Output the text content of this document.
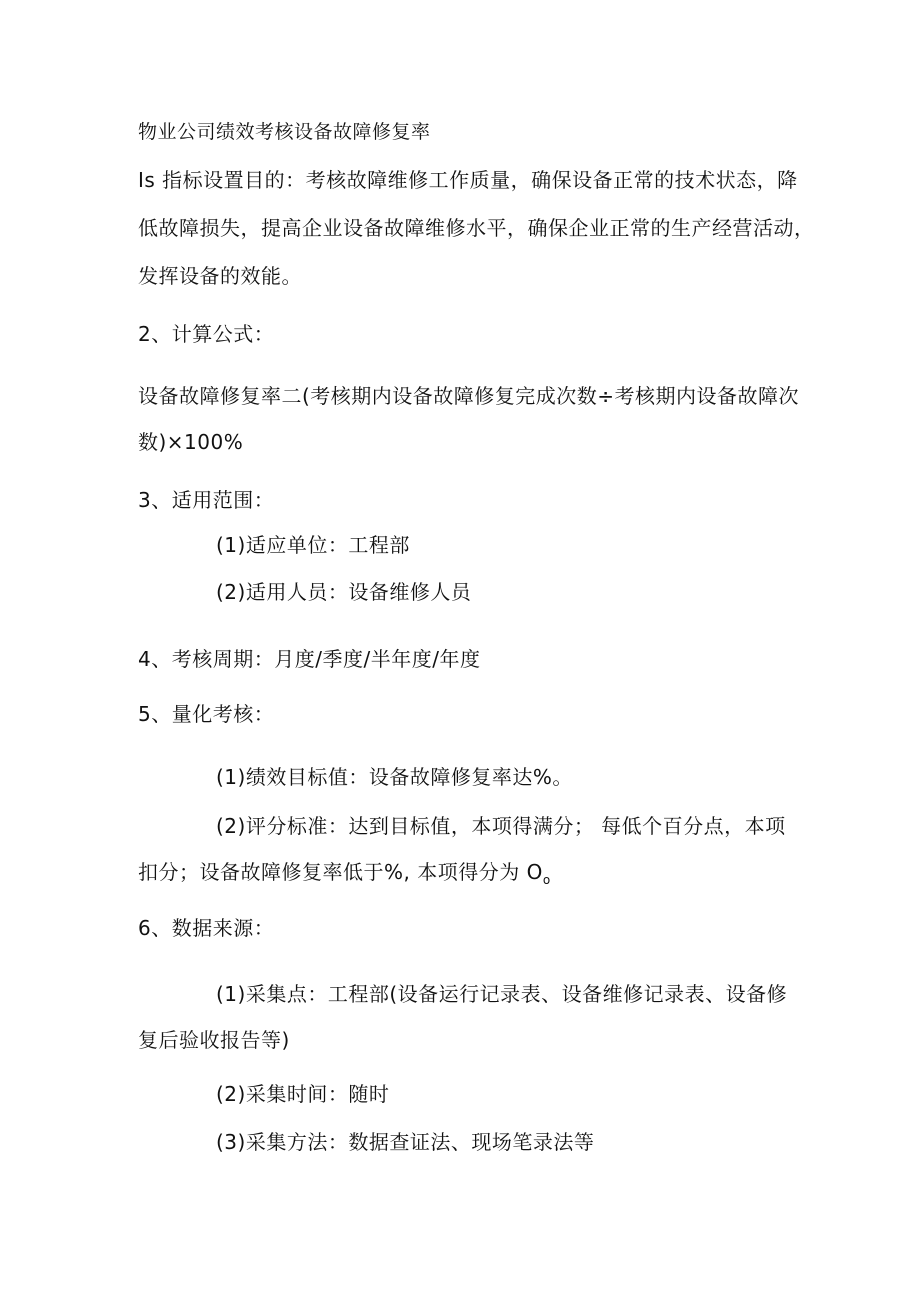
物业公司绩效考核设备故障修复率
Is 指标设置目的：考核故障维修工作质量，确保设备正常的技术状态，降
低故障损失，提高企业设备故障维修水平，确保企业正常的生产经营活动，
发挥设备的效能。
2、计算公式：
设备故障修复率二(考核期内设备故障修复完成次数÷考核期内设备故障次
数)×100%
3、适用范围：
(1)适应单位：工程部
(2)适用人员：设备维修人员
4、考核周期：月度/季度/半年度/年度
5、量化考核：
(1)绩效目标值：设备故障修复率达%。
(2)评分标准：达到目标值，本项得满分； 每低个百分点，本项
扣分；设备故障修复率低于%, 本项得分为 $O_o$
6、数据来源：
(1)采集点：工程部(设备运行记录表、设备维修记录表、设备修
复后验收报告等)
(2)采集时间：随时
(3)采集方法：数据查证法、现场笔录法等
